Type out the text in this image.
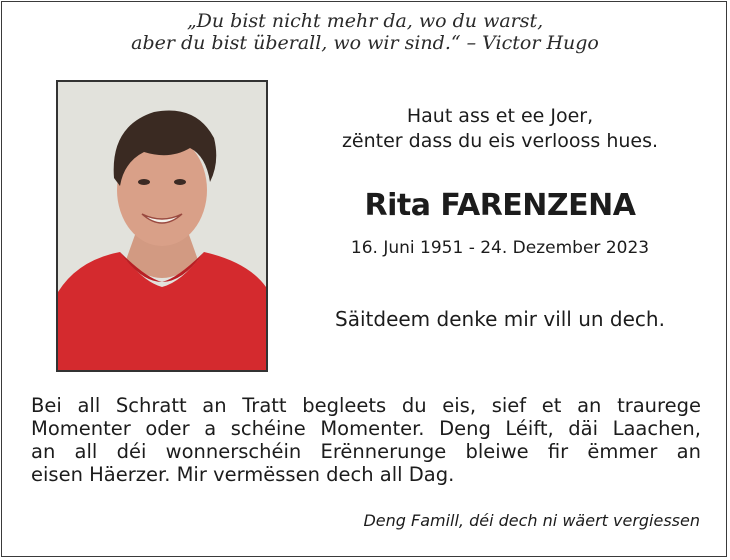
„Du bist nicht mehr da, wo du warst,
aber du bist überall, wo wir sind.“ – Victor Hugo
Haut ass et ee Joer,
zënter dass du eis verlooss hues.
Rita FARENZENA
16. Juni 1951 - 24. Dezember 2023
Säitdeem denke mir vill un dech.
Bei all Schratt an Tratt begleets du eis, sief et an traurege
Momenter oder a schéine Momenter. Deng Léift, däi Laachen,
an all déi wonnerschéin Erënnerunge bleiwe fir ëmmer an
eisen Häerzer. Mir vermëssen dech all Dag.
Deng Famill, déi dech ni wäert vergiessen
